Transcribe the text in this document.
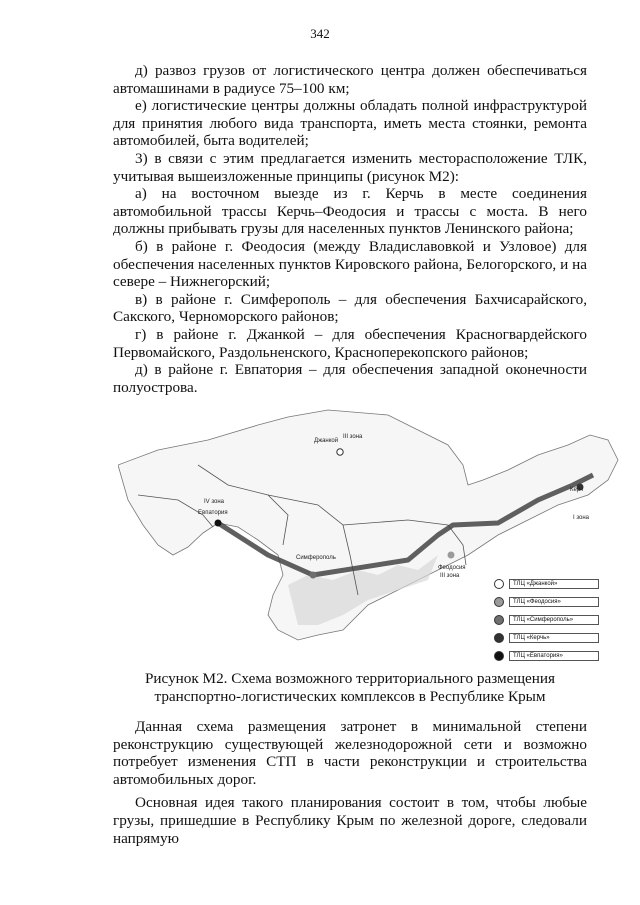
342

д) развоз грузов от логистического центра должен обеспечиваться автомашинами в радиусе 75–100 км;

е) логистические центры должны обладать полной инфраструктурой для принятия любого вида транспорта, иметь места стоянки, ремонта автомобилей, быта водителей;

3) в связи с этим предлагается изменить месторасположение ТЛК, учитывая вышеизложенные принципы (рисунок М2):

а) на восточном выезде из г. Керчь в месте соединения автомобильной трассы Керчь–Феодосия и трассы с моста. В него должны прибывать грузы для населенных пунктов Ленинского района;

б) в районе г. Феодосия (между Владиславовкой и Узловое) для обеспечения населенных пунктов Кировского района, Белогорского, и на севере – Нижнегорский;

в) в районе г. Симферополь – для обеспечения Бахчисарайского, Сакского, Черноморского районов;

г) в районе г. Джанкой – для обеспечения Красногвардейского Первомайского, Раздольненского, Красноперекопского районов;

д) в районе г. Евпатория – для обеспечения западной оконечности полуострова.

Джанкой
III зона
Евпатория
IV зона
Симферополь
Феодосия
III зона
Керч
I зона
ТЛЦ «Джанкой»
ТЛЦ «Феодосия»
ТЛЦ «Симферополь»
ТЛЦ «Керчь»
ТЛЦ «Евпатория»
Рисунок М2. Схема возможного территориального размещения
транспортно-логистических комплексов в Республике Крым

Данная схема размещения затронет в минимальной степени реконструкцию существующей железнодорожной сети и возможно потребует изменения СТП в части реконструкции и строительства автомобильных дорог.

Основная идея такого планирования состоит в том, чтобы любые грузы, пришедшие в Республику Крым по железной дороге, следовали напрямую
